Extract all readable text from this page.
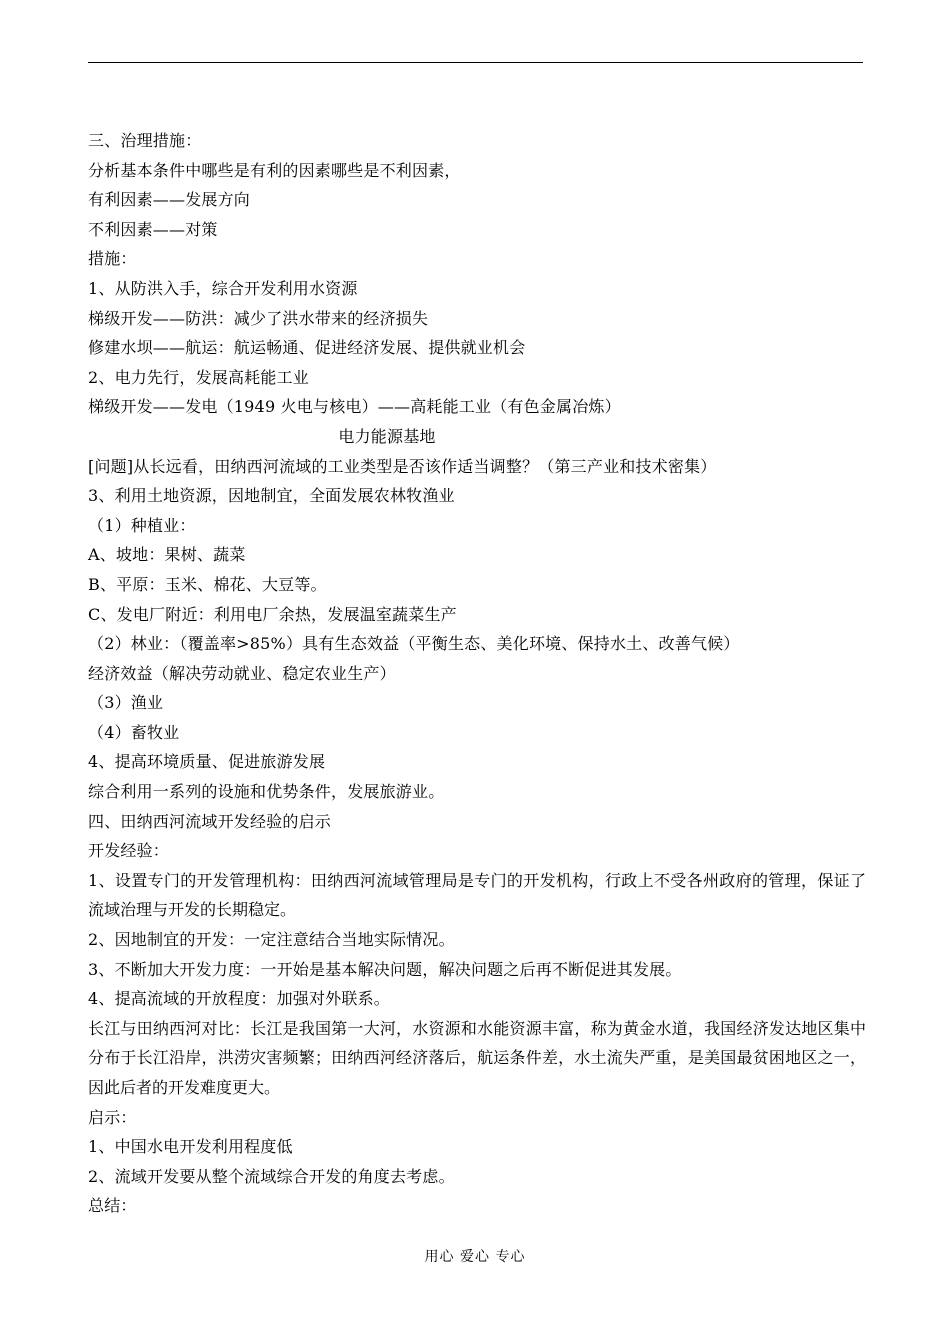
三、治理措施：
分析基本条件中哪些是有利的因素哪些是不利因素，
有利因素——发展方向
不利因素——对策
措施：
1、从防洪入手，综合开发利用水资源
梯级开发——防洪：减少了洪水带来的经济损失
修建水坝——航运：航运畅通、促进经济发展、提供就业机会
2、电力先行，发展高耗能工业
梯级开发——发电（1949 火电与核电）——高耗能工业（有色金属冶炼）
电力能源基地
[问题]从长远看，田纳西河流域的工业类型是否该作适当调整？（第三产业和技术密集）
3、利用土地资源，因地制宜，全面发展农林牧渔业
（1）种植业：
A、坡地：果树、蔬菜
B、平原：玉米、棉花、大豆等。
C、发电厂附近：利用电厂余热，发展温室蔬菜生产
（2）林业：（覆盖率>85%）具有生态效益（平衡生态、美化环境、保持水土、改善气候）
经济效益（解决劳动就业、稳定农业生产）
（3）渔业
（4）畜牧业
4、提高环境质量、促进旅游发展
综合利用一系列的设施和优势条件，发展旅游业。
四、田纳西河流域开发经验的启示
开发经验：
1、设置专门的开发管理机构：田纳西河流域管理局是专门的开发机构，行政上不受各州政府的管理，保证了流域治理与开发的长期稳定。
2、因地制宜的开发：一定注意结合当地实际情况。
3、不断加大开发力度：一开始是基本解决问题，解决问题之后再不断促进其发展。
4、提高流域的开放程度：加强对外联系。
长江与田纳西河对比：长江是我国第一大河，水资源和水能资源丰富，称为黄金水道，我国经济发达地区集中分布于长江沿岸，洪涝灾害频繁；田纳西河经济落后，航运条件差，水土流失严重，是美国最贫困地区之一，因此后者的开发难度更大。
启示：
1、中国水电开发利用程度低
2、流域开发要从整个流域综合开发的角度去考虑。
总结：
用心 爱心 专心
